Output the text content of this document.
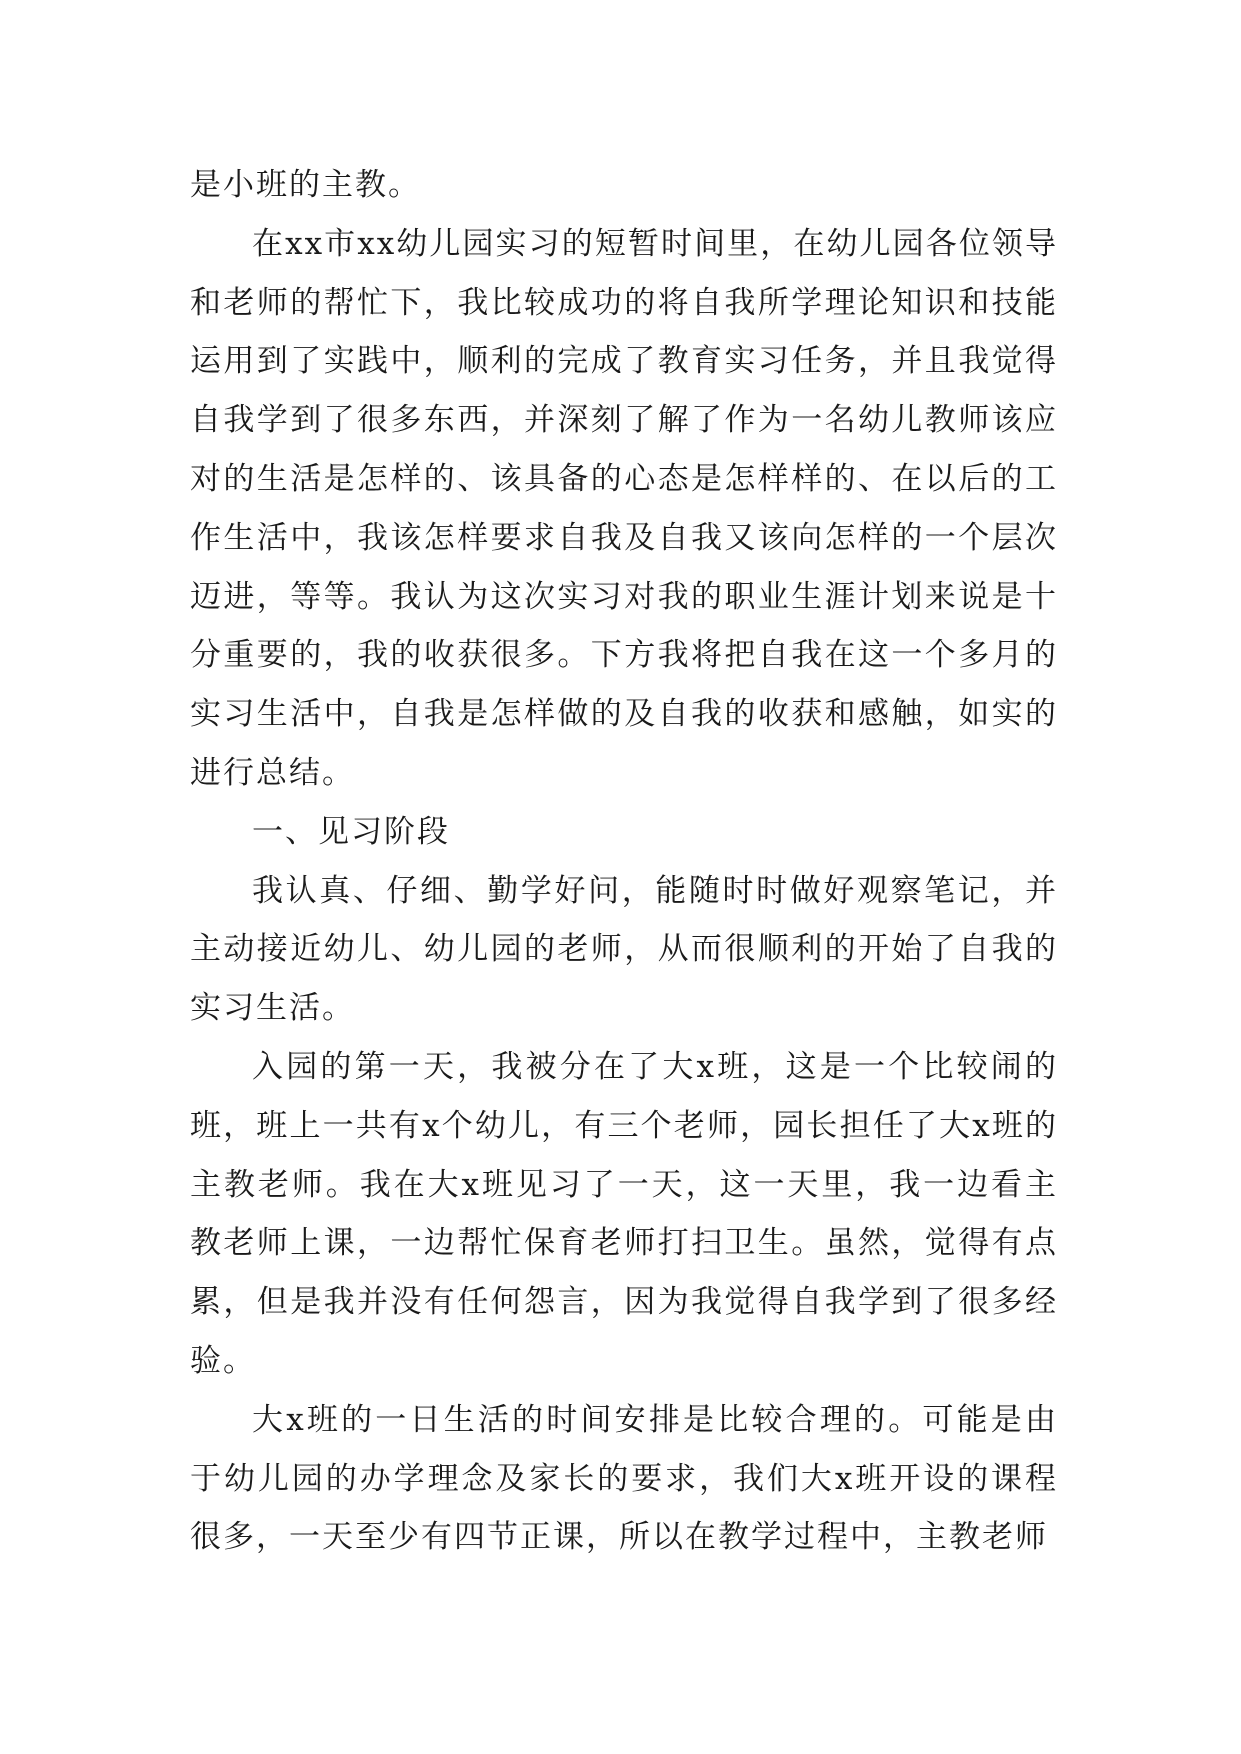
是小班的主教。

在xx市xx幼儿园实习的短暂时间里，在幼儿园各位领导和老师的帮忙下，我比较成功的将自我所学理论知识和技能运用到了实践中，顺利的完成了教育实习任务，并且我觉得自我学到了很多东西，并深刻了解了作为一名幼儿教师该应对的生活是怎样的、该具备的心态是怎样样的、在以后的工作生活中，我该怎样要求自我及自我又该向怎样的一个层次迈进，等等。我认为这次实习对我的职业生涯计划来说是十分重要的，我的收获很多。下方我将把自我在这一个多月的实习生活中，自我是怎样做的及自我的收获和感触，如实的进行总结。

一、见习阶段

我认真、仔细、勤学好问，能随时时做好观察笔记，并主动接近幼儿、幼儿园的老师，从而很顺利的开始了自我的实习生活。

入园的第一天，我被分在了大x班，这是一个比较闹的班，班上一共有x个幼儿，有三个老师，园长担任了大x班的主教老师。我在大x班见习了一天，这一天里，我一边看主教老师上课，一边帮忙保育老师打扫卫生。虽然，觉得有点累，但是我并没有任何怨言，因为我觉得自我学到了很多经验。

大x班的一日生活的时间安排是比较合理的。可能是由于幼儿园的办学理念及家长的要求，我们大x班开设的课程很多，一天至少有四节正课，所以在教学过程中，主教老师
